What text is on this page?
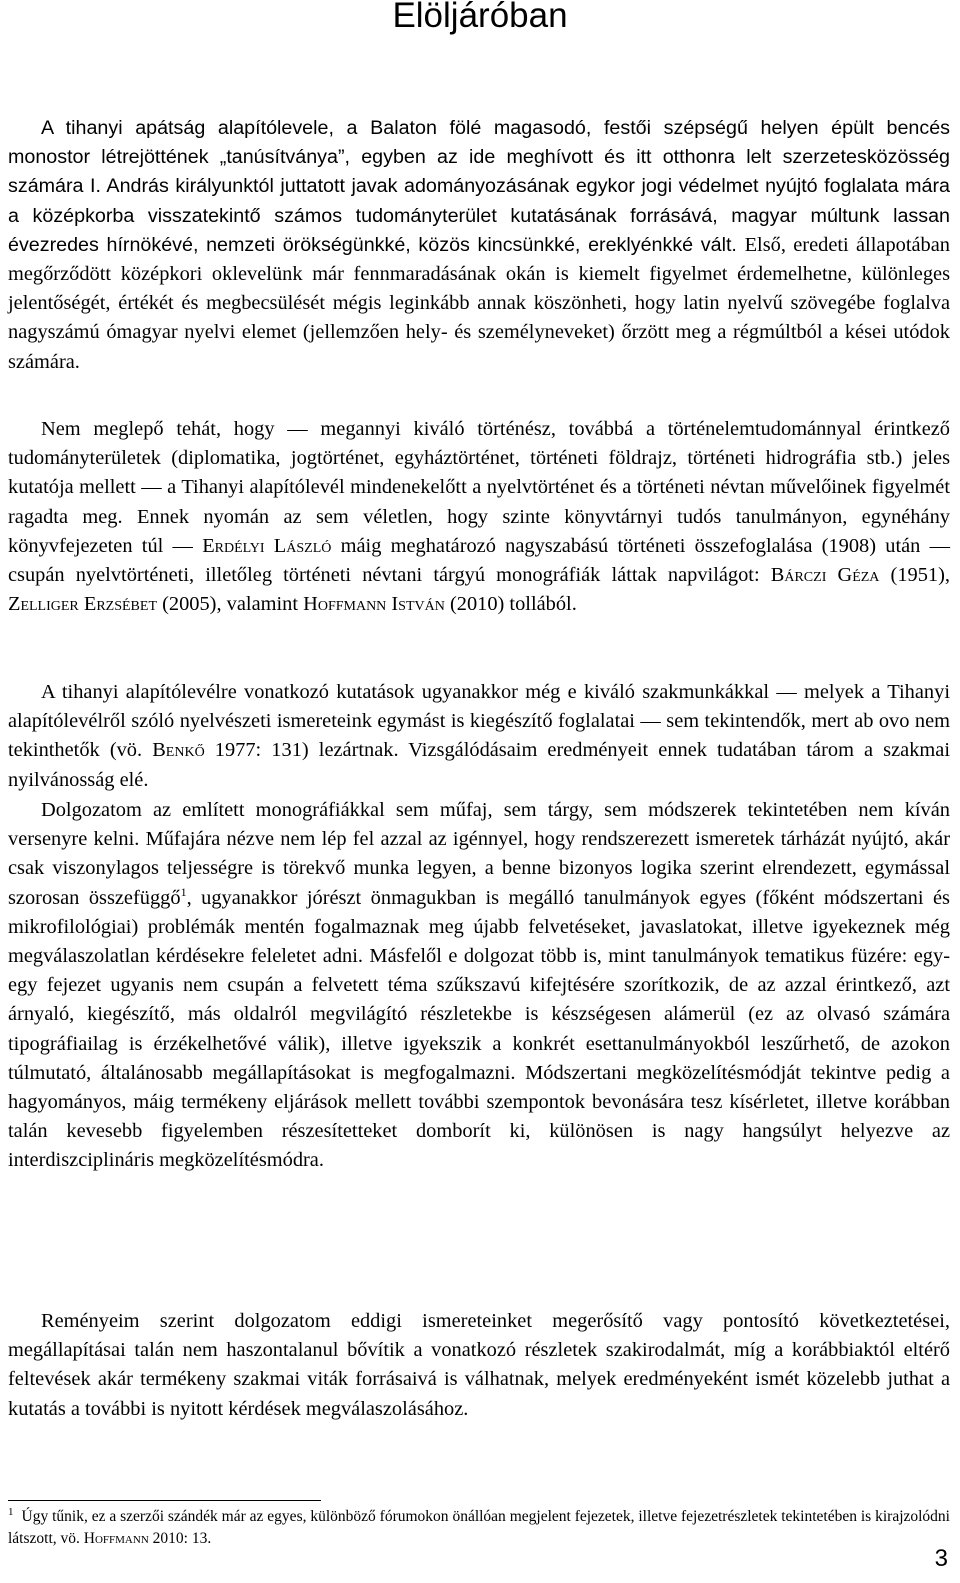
Elöljáróban

A tihanyi apátság alapítólevele, a Balaton fölé magasodó, festői szépségű helyen épült bencés monostor létrejöttének „tanúsítványa”, egyben az ide meghívott és itt otthonra lelt szerzetesközösség számára I. András királyunktól juttatott javak adományozásának egykor jogi védelmet nyújtó foglalata mára a középkorba visszatekintő számos tudományterület kutatásának forrásává, magyar múltunk lassan évezredes hírnökévé, nemzeti örökségünkké, közös kincsünkké, ereklyénkké vált. Első, eredeti állapotában megőrződött középkori oklevelünk már fennmaradásának okán is kiemelt figyelmet érdemelhetne, különleges jelentőségét, értékét és megbecsülését mégis leginkább annak köszönheti, hogy latin nyelvű szövegébe foglalva nagyszámú ómagyar nyelvi elemet (jellemzően hely- és személyneveket) őrzött meg a régmúltból a kései utódok számára.

Nem meglepő tehát, hogy ― megannyi kiváló történész, továbbá a történelemtudománnyal érintkező tudományterületek (diplomatika, jogtörténet, egyháztörténet, történeti földrajz, történeti hidrográfia stb.) jeles kutatója mellett ― a Tihanyi alapítólevél mindenekelőtt a nyelvtörténet és a történeti névtan művelőinek figyelmét ragadta meg. Ennek nyomán az sem véletlen, hogy szinte könyvtárnyi tudós tanulmányon, egynéhány könyvfejezeten túl ― Erdélyi László máig meghatározó nagyszabású történeti összefoglalása (1908) után ― csupán nyelvtörténeti, illetőleg történeti névtani tárgyú monográfiák láttak napvilágot: Bárczi Géza (1951), Zelliger Erzsébet (2005), valamint Hoffmann István (2010) tollából.

A tihanyi alapítólevélre vonatkozó kutatások ugyanakkor még e kiváló szakmunkákkal ― melyek a Tihanyi alapítólevélről szóló nyelvészeti ismereteink egymást is kiegészítő foglalatai ― sem tekintendők, mert ab ovo nem tekinthetők (vö. Benkő 1977: 131) lezártnak. Vizsgálódásaim eredményeit ennek tudatában tárom a szakmai nyilvánosság elé.

Dolgozatom az említett monográfiákkal sem műfaj, sem tárgy, sem módszerek tekintetében nem kíván versenyre kelni. Műfajára nézve nem lép fel azzal az igénnyel, hogy rendszerezett ismeretek tárházát nyújtó, akár csak viszonylagos teljességre is törekvő munka legyen, a benne bizonyos logika szerint elrendezett, egymással szorosan összefüggő$^1$, ugyanakkor jórészt önmagukban is megálló tanulmányok egyes (főként módszertani és mikrofilológiai) problémák mentén fogalmaznak meg újabb felvetéseket, javaslatokat, illetve igyekeznek még megválaszolatlan kérdésekre feleletet adni. Másfelől e dolgozat több is, mint tanulmányok tematikus füzére: egy-egy fejezet ugyanis nem csupán a felvetett téma szűkszavú kifejtésére szorítkozik, de az azzal érintkező, azt árnyaló, kiegészítő, más oldalról megvilágító részletekbe is készségesen alámerül (ez az olvasó számára tipográfiailag is érzékelhetővé válik), illetve igyekszik a konkrét esettanulmányokból leszűrhető, de azokon túlmutató, általánosabb megállapításokat is megfogalmazni. Módszertani megközelítésmódját tekintve pedig a hagyományos, máig termékeny eljárások mellett további szempontok bevonására tesz kísérletet, illetve korábban talán kevesebb figyelemben részesítetteket domborít ki, különösen is nagy hangsúlyt helyezve az interdiszciplináris megközelítésmódra.

Reményeim szerint dolgozatom eddigi ismereteinket megerősítő vagy pontosító következtetései, megállapításai talán nem haszontalanul bővítik a vonatkozó részletek szakirodalmát, míg a korábbiaktól eltérő feltevések akár termékeny szakmai viták forrásaivá is válhatnak, melyek eredményeként ismét közelebb juthat a kutatás a további is nyitott kérdések megválaszolásához.

$^1$ Úgy tűnik, ez a szerzői szándék már az egyes, különböző fórumokon önállóan megjelent fejezetek, illetve fejezetrészletek tekintetében is kirajzolódni látszott, vö. Hoffmann 2010: 13.

3
